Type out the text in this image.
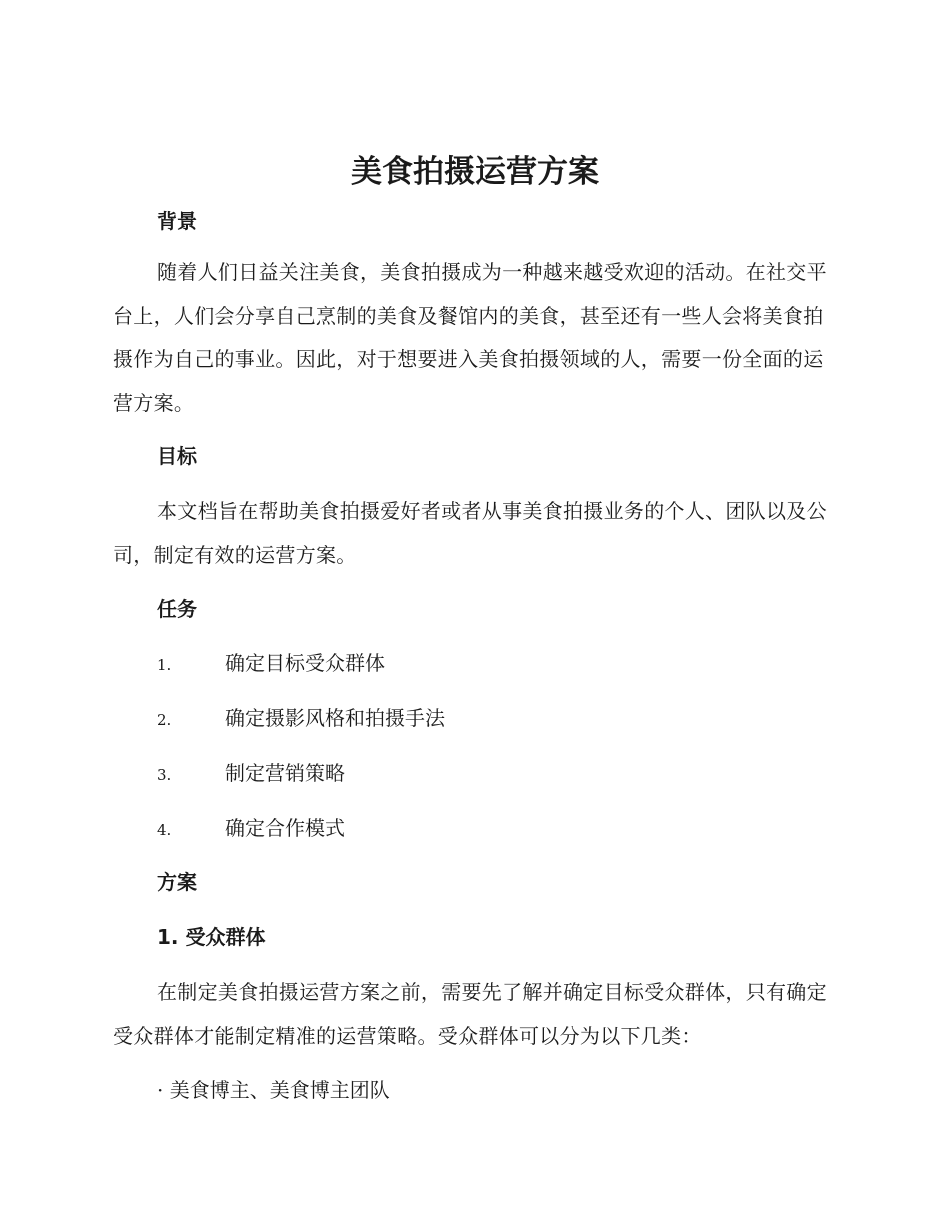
美食拍摄运营方案
背景

随着人们日益关注美食，美食拍摄成为一种越来越受欢迎的活动。在社交平台上，人们会分享自己烹制的美食及餐馆内的美食，甚至还有一些人会将美食拍摄作为自己的事业。因此，对于想要进入美食拍摄领域的人，需要一份全面的运营方案。

目标

本文档旨在帮助美食拍摄爱好者或者从事美食拍摄业务的个人、团队以及公司，制定有效的运营方案。

任务
1.	确定目标受众群体
2.	确定摄影风格和拍摄手法
3.	制定营销策略
4.	确定合作模式
方案
1. 受众群体

在制定美食拍摄运营方案之前，需要先了解并确定目标受众群体，只有确定受众群体才能制定精准的运营策略。受众群体可以分为以下几类：

· 美食博主、美食博主团队
